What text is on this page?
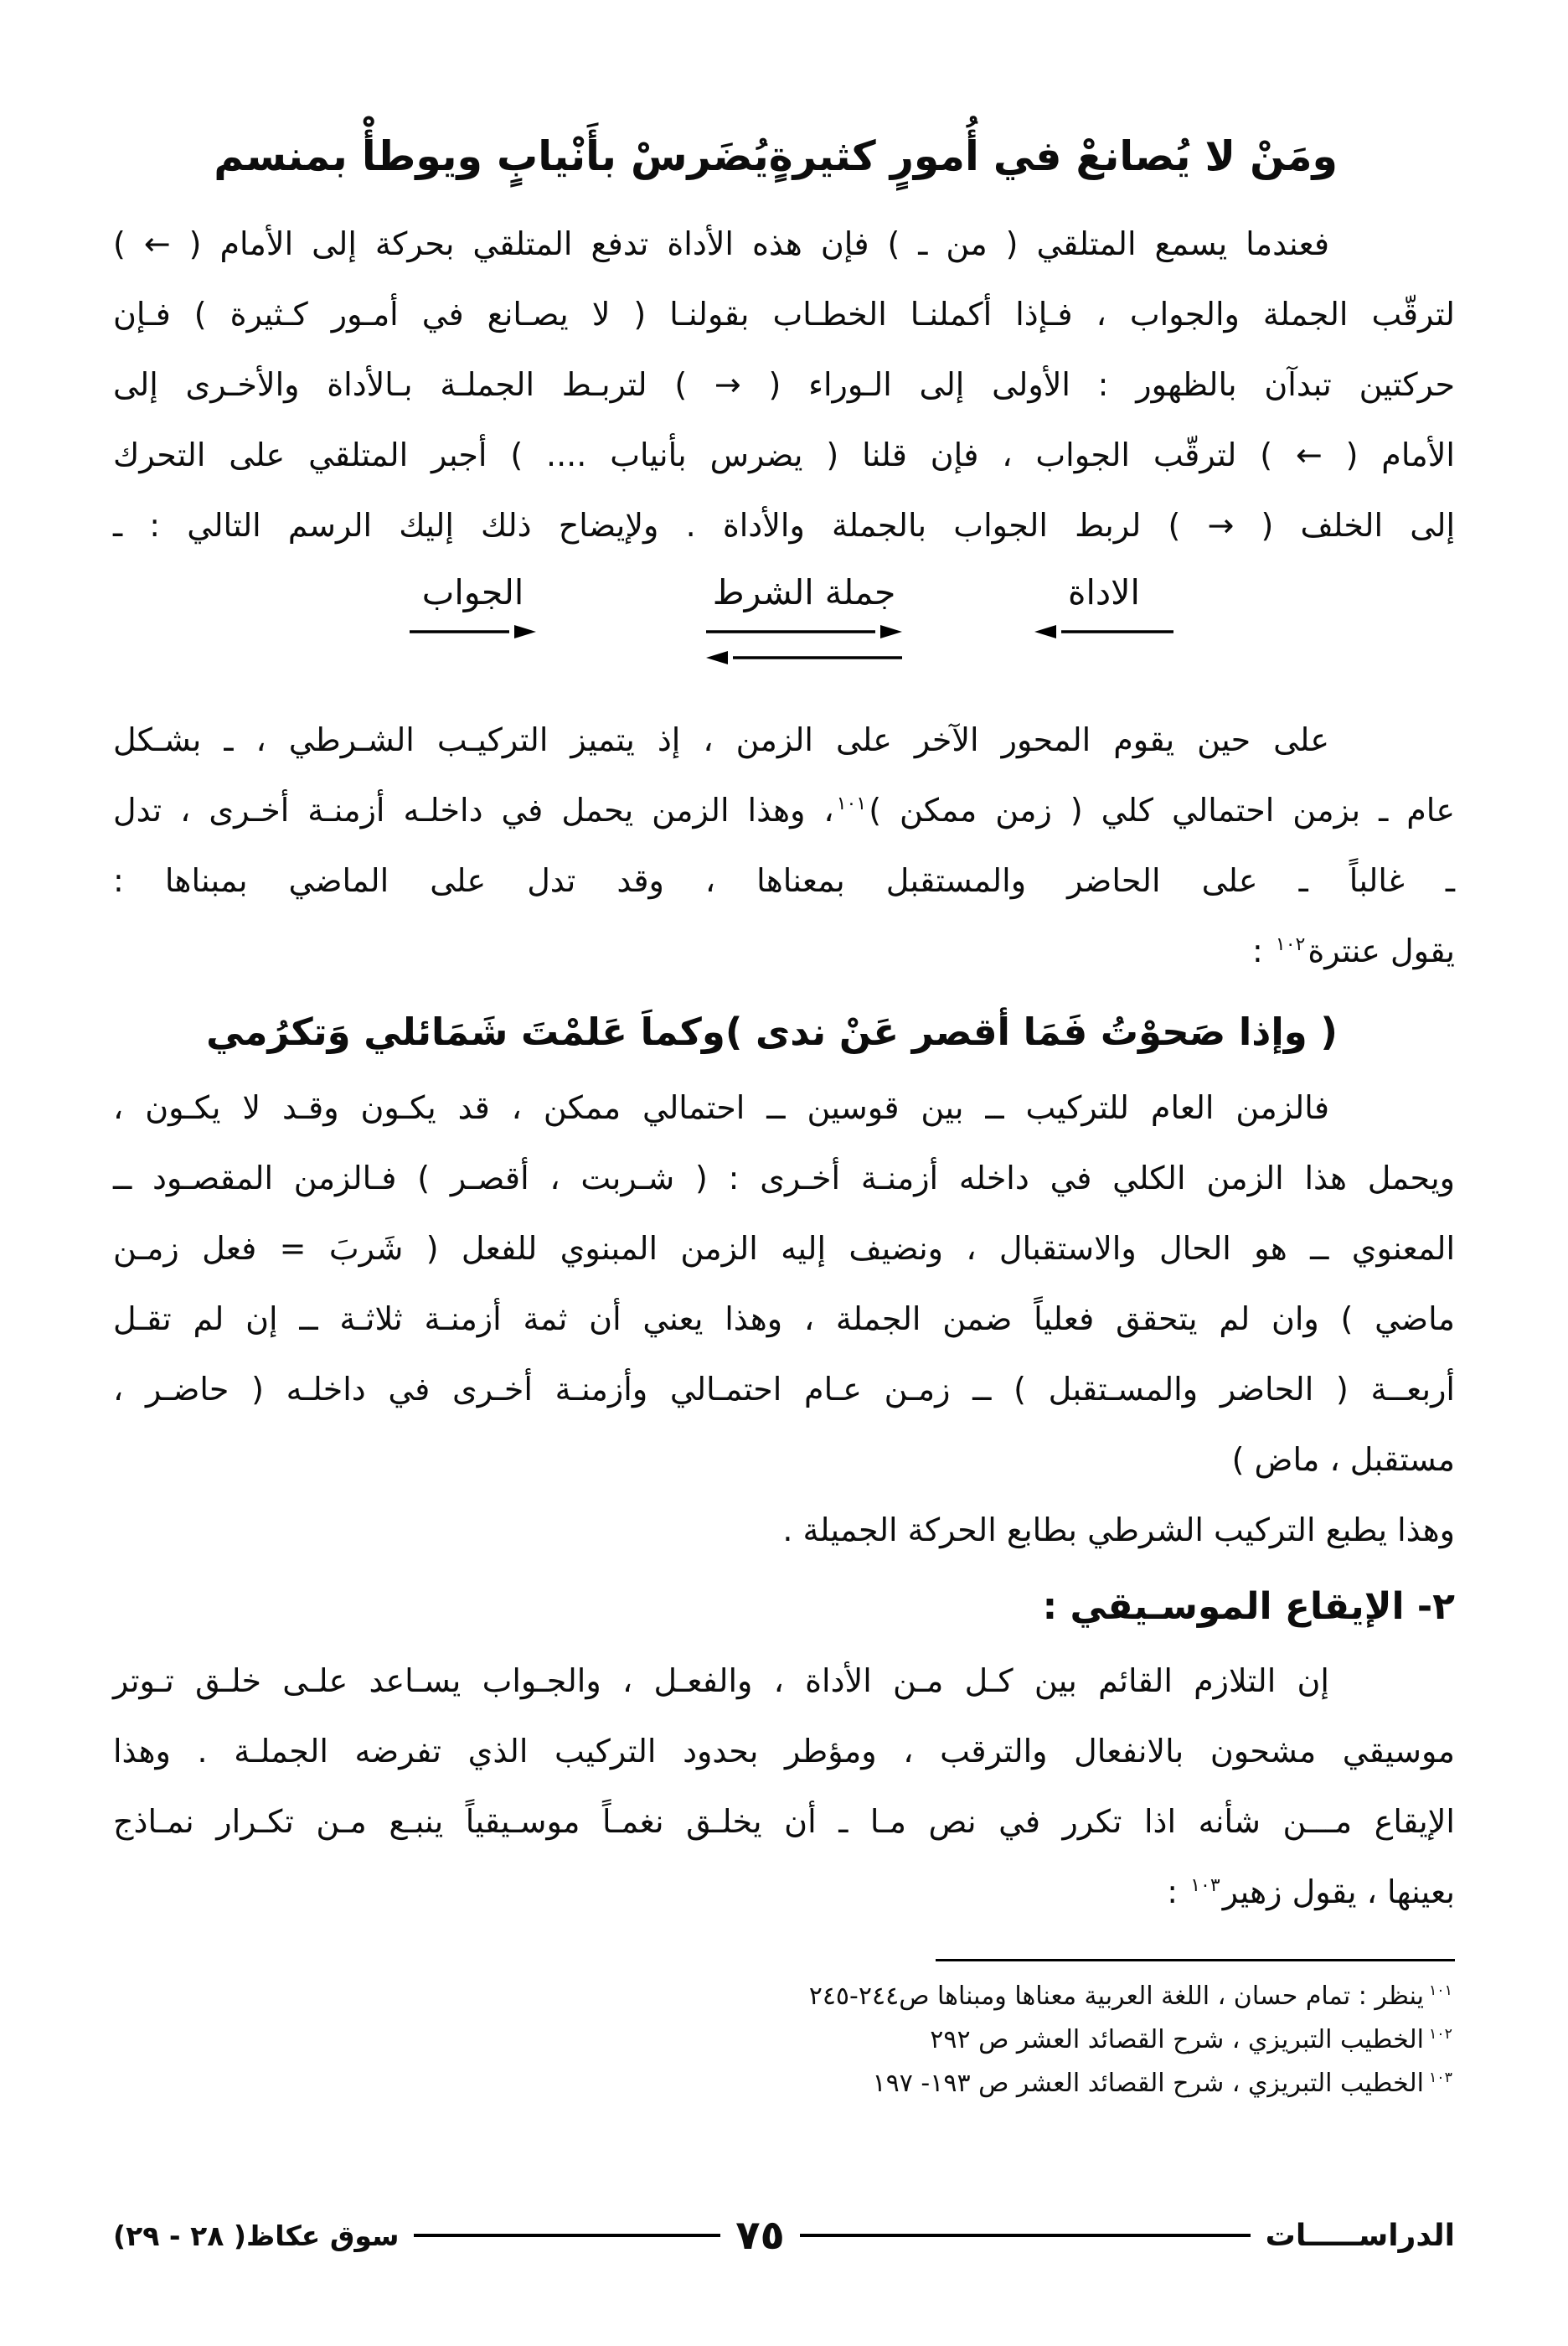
ومَنْ لا يُصانعْ في أُمورٍ كثيرةٍ
يُضَرسْ بأَنْيابٍ ويوطأْ بمنسم
فعندما يسمع المتلقي ( من ـ ) فإن هذه الأداة تدفع المتلقي بحركة إلى الأمام ( ← )
لترقّب الجملة والجواب ، فـإذا أكملنـا الخطـاب بقولنـا ( لا يصـانع في أمـور كـثيرة ) فـإن
حركتين تبدآن بالظهور : الأولى إلى الـوراء ( → ) لتربـط الجملـة بـالأداة والأخـرى إلى
الأمام ( ← ) لترقّب الجواب ، فإن قلنا ( يضرس بأنياب .... ) أجبر المتلقي على التحرك
إلى الخلف ( → ) لربط الجواب بالجملة والأداة . ولإيضاح ذلك إليك الرسم التالي : ـ
الاداة
جملة الشرط
الجواب
على حين يقوم المحور الآخر على الزمن ، إذ يتميز التركيـب الشـرطي ، ـ بشـكل
عام ـ بزمن احتمالي كلي ( زمن ممكن )$^{١٠١}$، وهذا الزمن يحمل في داخلـه أزمنـة أخـرى ، تدل
ـ غالباً ـ على الحاضر والمستقبل بمعناها ، وقد تدل على الماضي بمبناها :
يقول عنترة$^{١٠٢}$ :
( وإذا صَحوْتُ فَمَا أقصر عَنْ ندى )
وكماَ عَلمْتَ شَمَائلي وَتكرُمي
فالزمن العام للتركيب ــ بين قوسين ــ احتمالي ممكن ، قد يكـون وقـد لا يكـون ،
ويحمل هذا الزمن الكلي في داخله أزمنـة أخـرى : ( شـربت ، أقصـر ) فـالزمن المقصـود ــ
المعنوي ــ هو الحال والاستقبال ، ونضيف إليه الزمن المبنوي للفعل ( شَربَ = فعل زمـن
ماضي ) وان لم يتحقق فعلياً ضمن الجملة ، وهذا يعني أن ثمة أزمنـة ثلاثـة ــ إن لم تقـل
أربعــة ( الحاضر والمسـتقبل ) ــ زمـن عـام احتمـالي وأزمنـة أخـرى في داخلـه ( حاضـر ،
مستقبل ، ماض )
وهذا يطبع التركيب الشرطي بطابع الحركة الجميلة .
٢- الإيقاع الموسـيقي :
إن التلازم القائم بين كـل مـن الأداة ، والفعـل ، والجـواب يسـاعد علـى خلـق تـوتر
موسيقي مشحون بالانفعال والترقب ، ومؤطر بحدود التركيب الذي تفرضه الجملـة . وهذا
الإيقاع مـــن شأنه اذا تكرر في نص مـا ـ أن يخلـق نغمـاً موسـيقياً ينبـع مـن تكـرار نمـاذج
بعينها ، يقول زهير$^{١٠٣}$ :
$^{١٠١}$ينظر : تمام حسان ، اللغة العربية معناها ومبناها ص٢٤٤-٢٤٥
$^{١٠٢}$الخطيب التبريزي ، شرح القصائد العشر ص ٢٩٢
$^{١٠٣}$الخطيب التبريزي ، شرح القصائد العشر ص ١٩٣- ١٩٧
الدراســـــات
٧٥
سوق عكاظ( ٢٨ - ٢٩)
